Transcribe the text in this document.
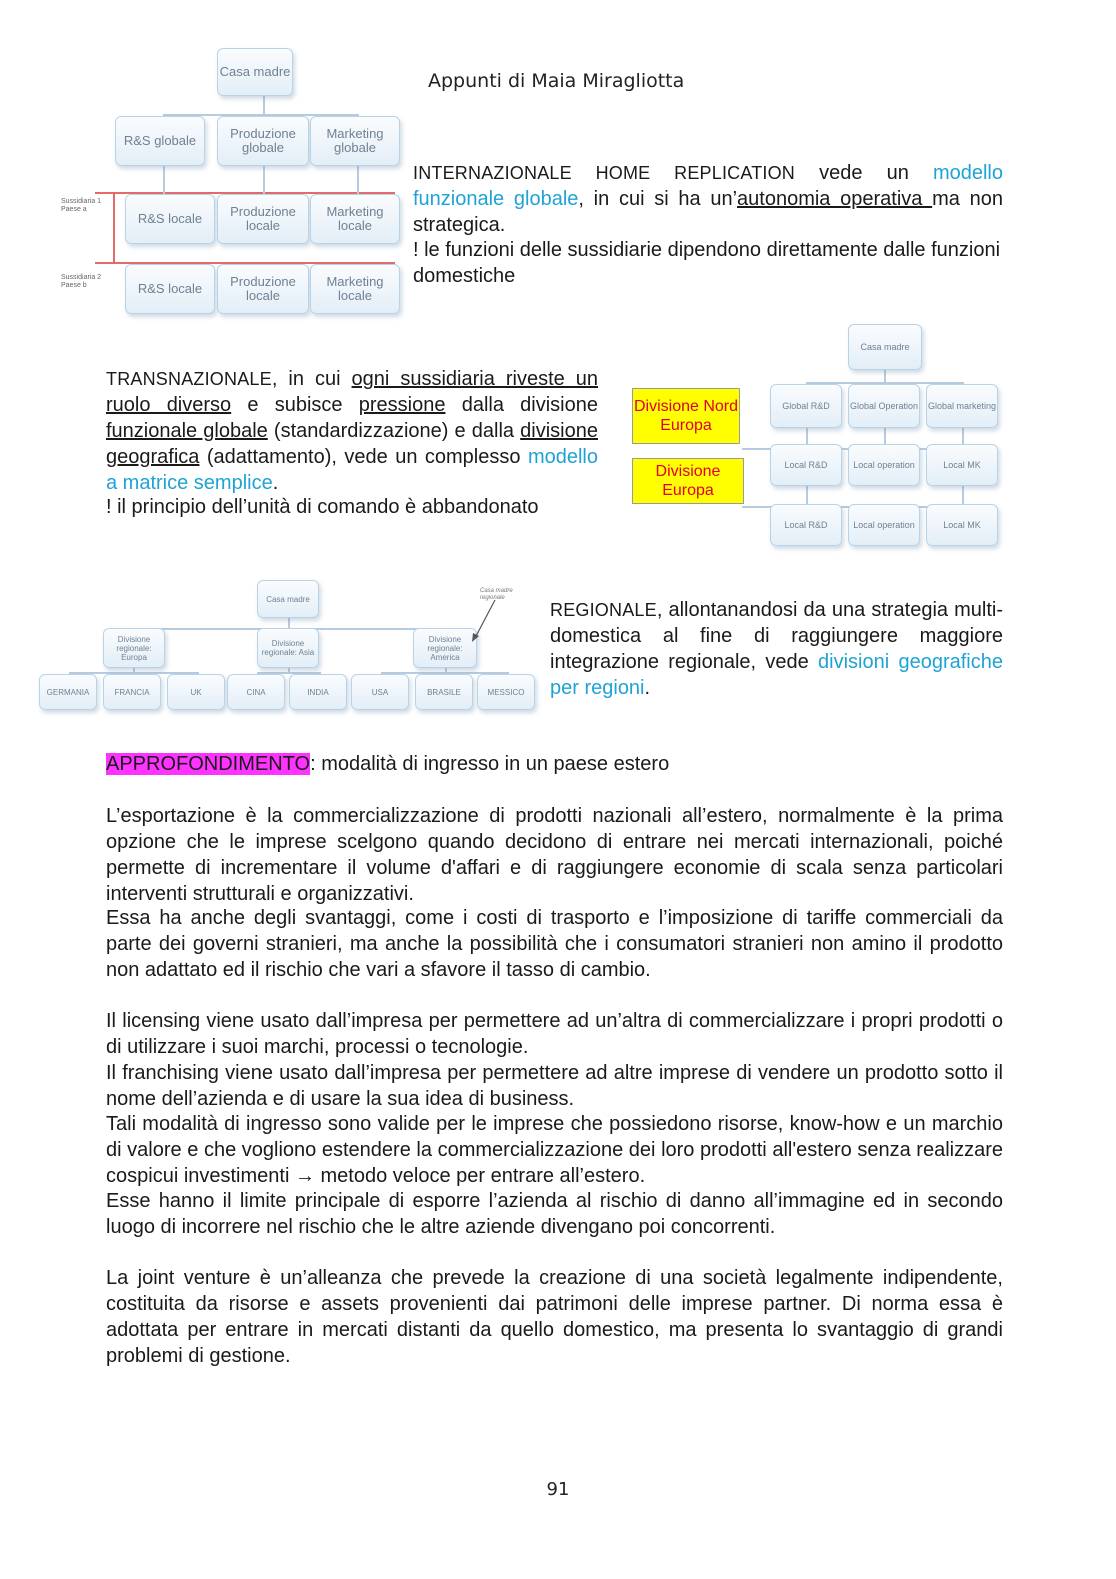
Appunti di Maia Miragliotta
Casa madre
R&S globale	Produzione globale
Marketing globale
R&S locale	Produzione locale
Marketing locale
R&S locale	Produzione locale
Marketing locale
Sussidiaria 1 Paese a
Sussidiaria 2 Paese b
INTERNAZIONALE HOME REPLICATION vede un modello funzionale globale, in cui si ha un’autonomia operativa ma non strategica.
! le funzioni delle sussidiarie dipendono direttamente dalle funzioni domestiche
TRANSNAZIONALE, in cui ogni sussidiaria riveste un ruolo diverso e subisce pressione dalla divisione funzionale globale (standardizzazione) e dalla divisione geografica (adattamento), vede un complesso modello a matrice semplice.
! il principio dell’unità di comando è abbandonato
Divisione Nord Europa
Divisione Europa
Casa madre
Global R&D	Global Operation Global marketing
Local R&D	Local operation	Local MK
Local R&D	Local operation	Local MK
Casa madre
Divisione regionale: Europa
Divisione regionale: Asia
Divisione regionale: America
Casa madre regionale
GERMANIA	FRANCIA	UK	CINA	INDIA	USA	BRASILE	MESSICO
REGIONALE, allontanandosi da una strategia multi-domestica al fine di raggiungere maggiore integrazione regionale, vede divisioni geografiche per regioni.
APPROFONDIMENTO: modalità di ingresso in un paese estero
L’esportazione è la commercializzazione di prodotti nazionali all’estero, normalmente è la prima opzione che le imprese scelgono quando decidono di entrare nei mercati internazionali, poiché permette di incrementare il volume d'affari e di raggiungere economie di scala senza particolari interventi strutturali e organizzativi.
Essa ha anche degli svantaggi, come i costi di trasporto e l’imposizione di tariffe commerciali da parte dei governi stranieri, ma anche la possibilità che i consumatori stranieri non amino il prodotto non adattato ed il rischio che vari a sfavore il tasso di cambio.
Il licensing viene usato dall’impresa per permettere ad un’altra di commercializzare i propri prodotti o di utilizzare i suoi marchi, processi o tecnologie.
Il franchising viene usato dall’impresa per permettere ad altre imprese di vendere un prodotto sotto il nome dell’azienda e di usare la sua idea di business.
Tali modalità di ingresso sono valide per le imprese che possiedono risorse, know-how e un marchio di valore e che vogliono estendere la commercializzazione dei loro prodotti all'estero senza realizzare cospicui investimenti → metodo veloce per entrare all’estero.
Esse hanno il limite principale di esporre l’azienda al rischio di danno all’immagine ed in secondo luogo di incorrere nel rischio che le altre aziende divengano poi concorrenti.
La joint venture è un’alleanza che prevede la creazione di una società legalmente indipendente, costituita da risorse e assets provenienti dai patrimoni delle imprese partner. Di norma essa è adottata per entrare in mercati distanti da quello domestico, ma presenta lo svantaggio di grandi problemi di gestione.
91
